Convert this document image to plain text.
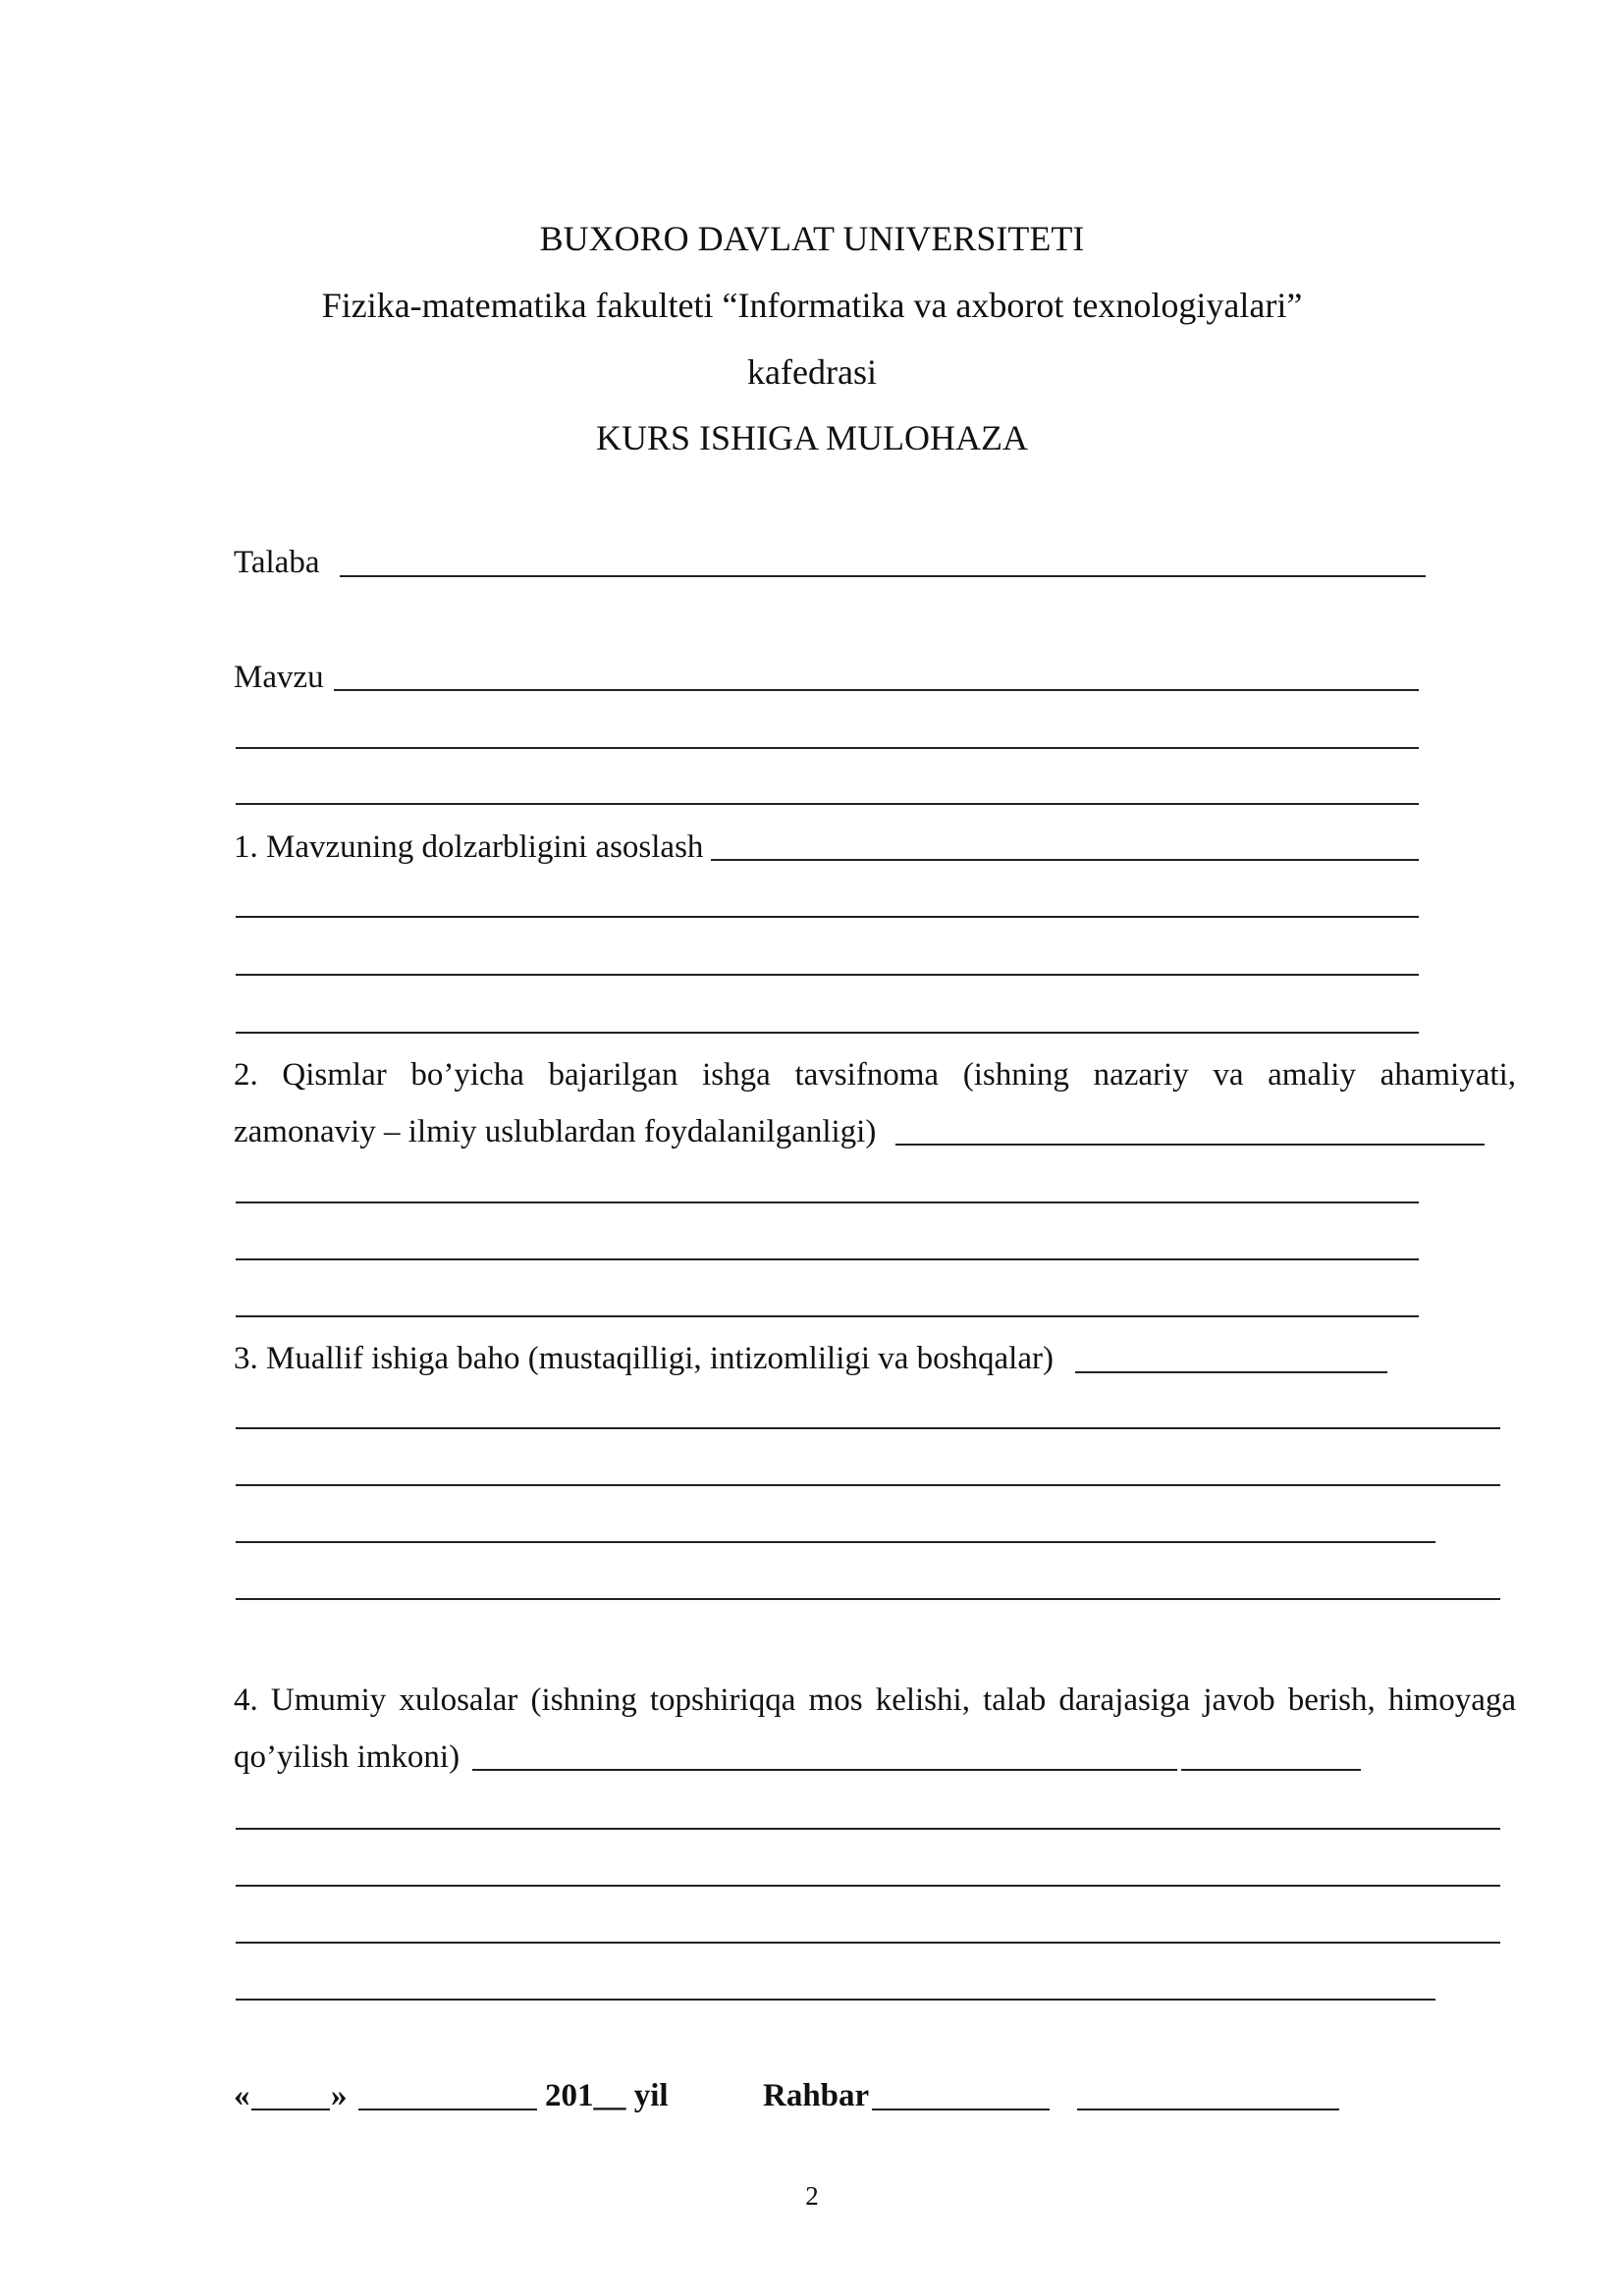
BUXORO DAVLAT UNIVERSITETI
Fizika-matematika fakulteti “Informatika va axborot texnologiyalari”
kafedrasi
KURS ISHIGA MULOHAZA
Talaba
Mavzu
1. Mavzuning dolzarbligini asoslash
2. Qismlar bo’yicha bajarilgan ishga tavsifnoma (ishning nazariy va amaliy ahamiyati,
zamonaviy – ilmiy uslublardan foydalanilganligi)
3. Muallif ishiga baho (mustaqilligi, intizomliligi va boshqalar)
4. Umumiy xulosalar (ishning topshiriqqa mos kelishi, talab darajasiga javob berish, himoyaga
qo’yilish imkoni)
«	»	201__ yil	Rahbar
2
